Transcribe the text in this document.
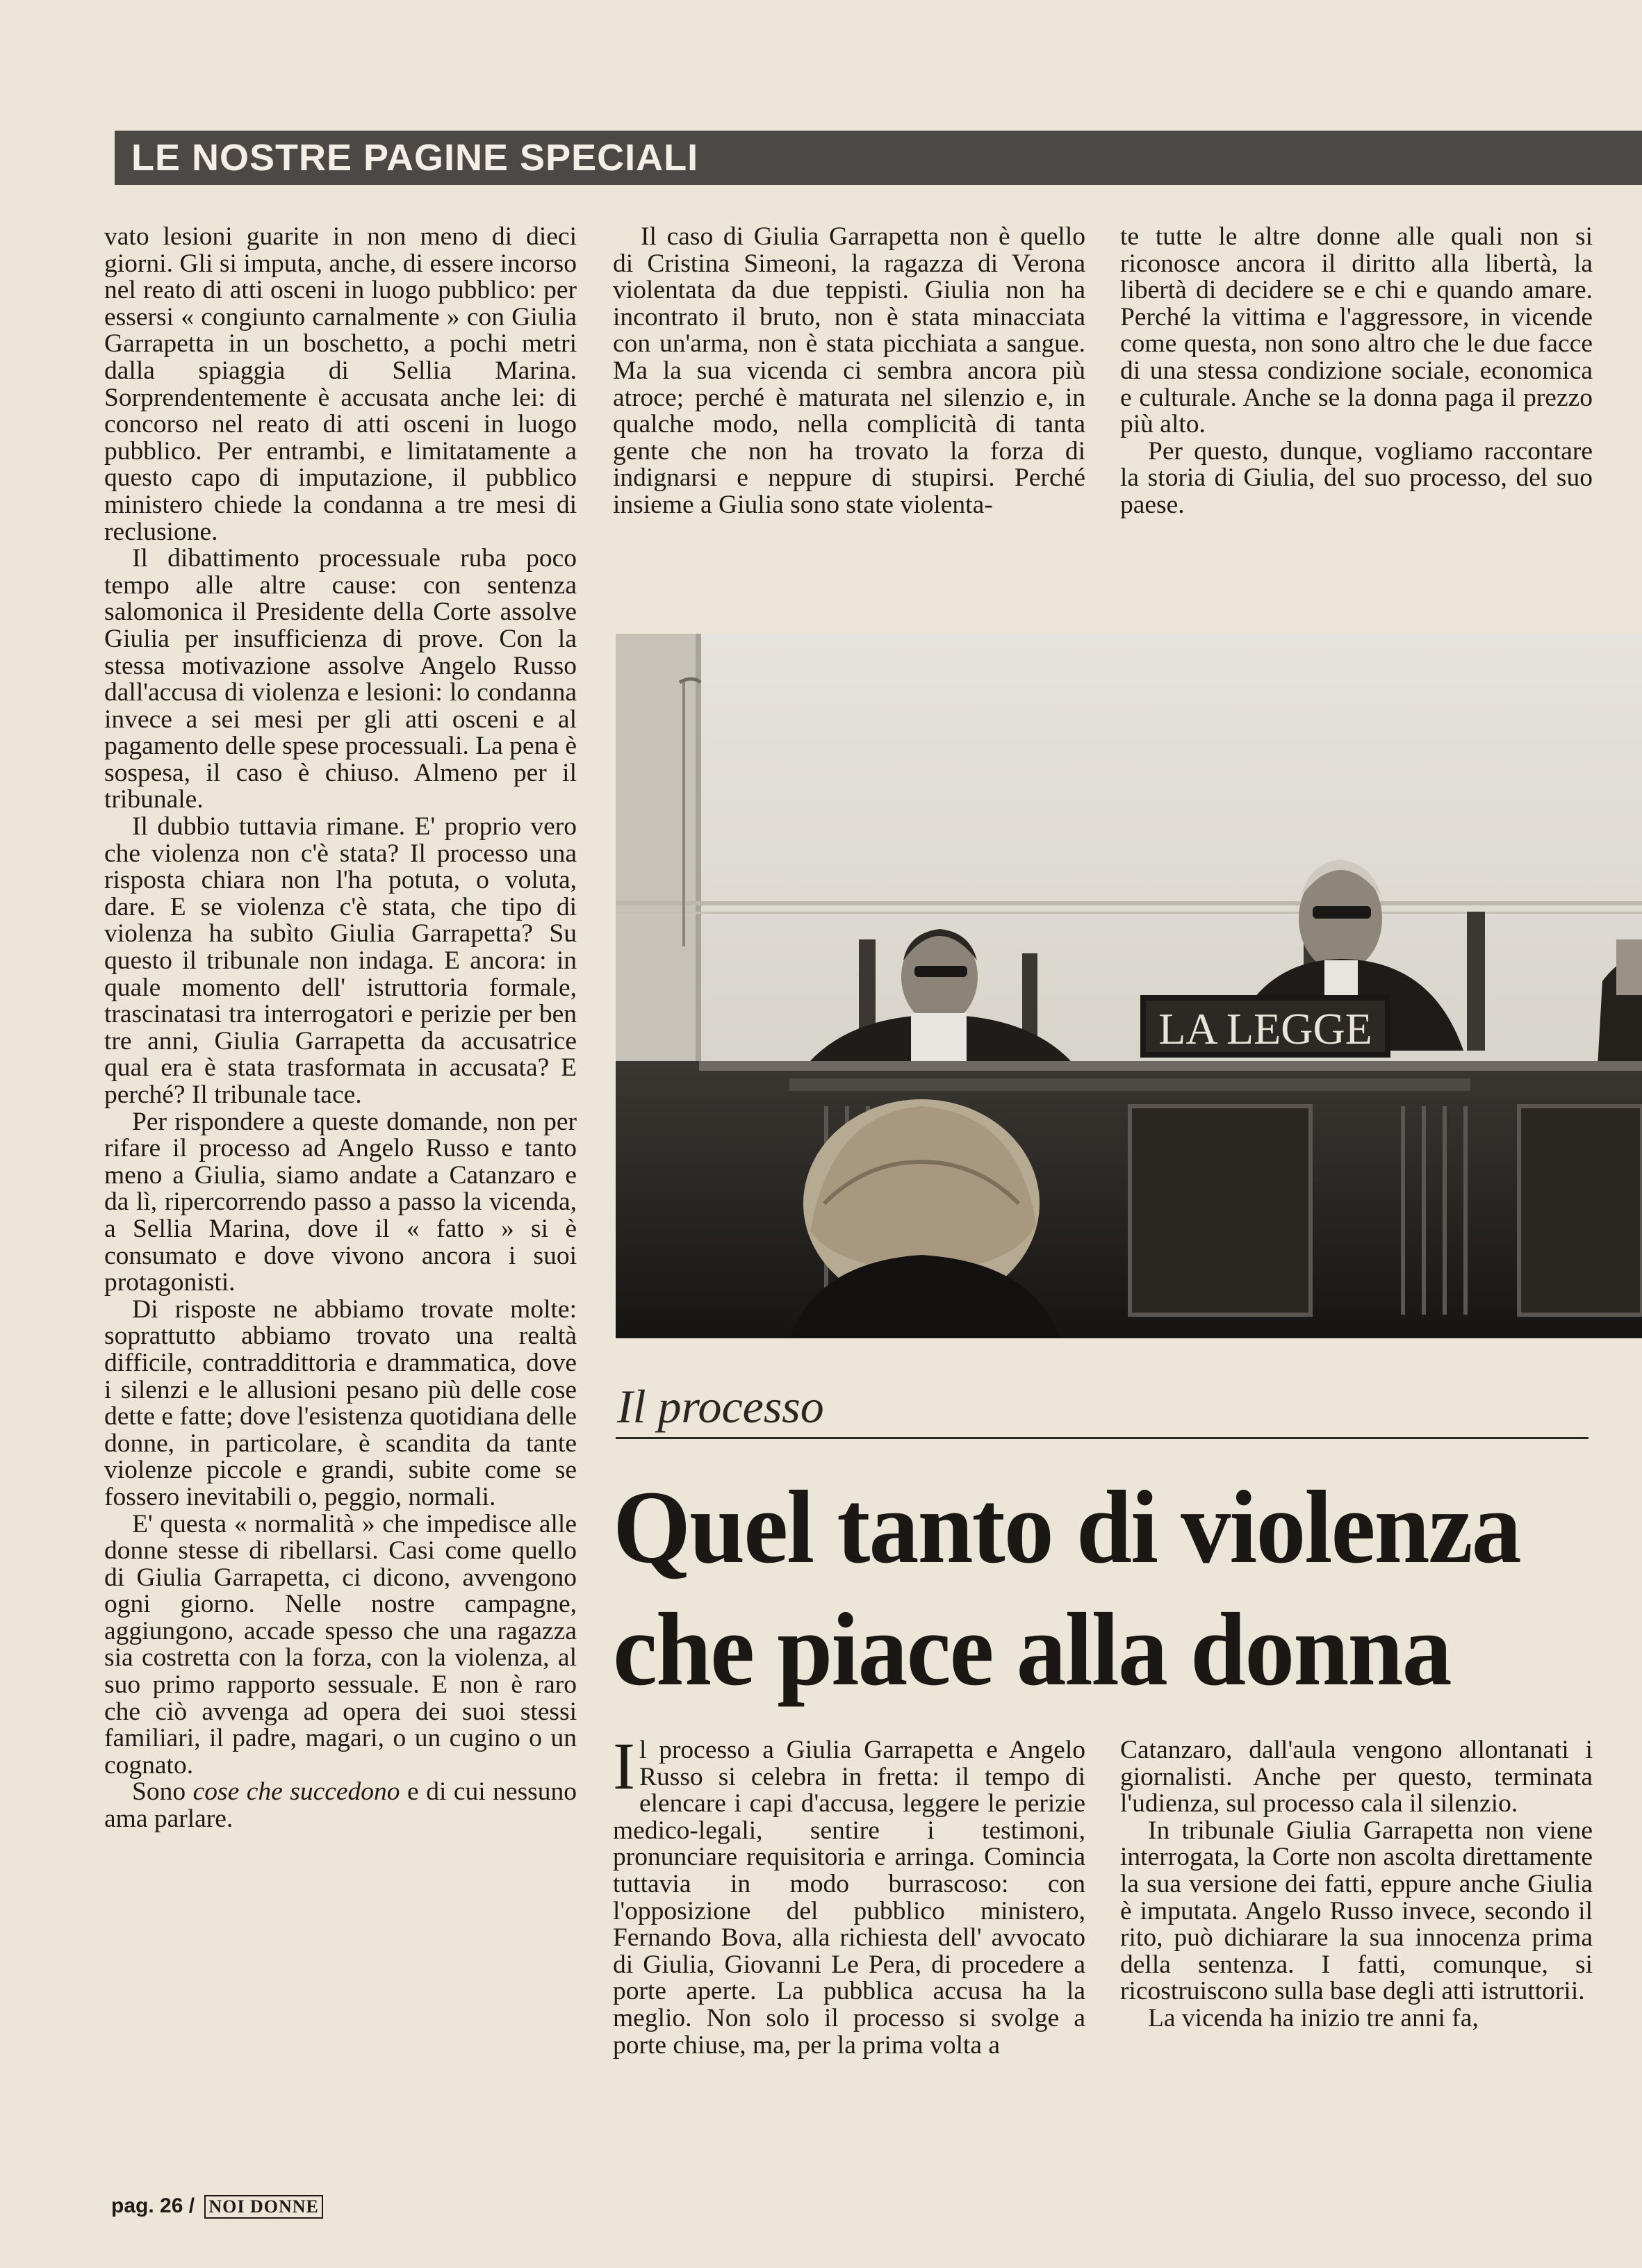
LE NOSTRE PAGINE SPECIALI

vato lesioni guarite in non meno di dieci giorni. Gli si imputa, anche, di essere incorso nel reato di atti osceni in luogo pubblico: per essersi « congiunto carnalmente » con Giulia Garrapetta in un boschetto, a pochi metri dalla spiaggia di Sellia Marina. Sorprendentemente è accusata anche lei: di concorso nel reato di atti osceni in luogo pubblico. Per entrambi, e limitatamente a questo capo di imputazione, il pubblico ministero chiede la condanna a tre mesi di reclusione.

Il dibattimento processuale ruba poco tempo alle altre cause: con sentenza salomonica il Presidente della Corte assolve Giulia per insufficienza di prove. Con la stessa motivazione assolve Angelo Russo dall'accusa di violenza e lesioni: lo condanna invece a sei mesi per gli atti osceni e al pagamento delle spese processuali. La pena è sospesa, il caso è chiuso. Almeno per il tribunale.

Il dubbio tuttavia rimane. E' proprio vero che violenza non c'è stata? Il processo una risposta chiara non l'ha potuta, o voluta, dare. E se violenza c'è stata, che tipo di violenza ha subìto Giulia Garrapetta? Su questo il tribunale non indaga. E ancora: in quale momento dell' istruttoria formale, trascinatasi tra interrogatori e perizie per ben tre anni, Giulia Garrapetta da accusatrice qual era è stata trasformata in accusata? E perché? Il tribunale tace.

Per rispondere a queste domande, non per rifare il processo ad Angelo Russo e tanto meno a Giulia, siamo andate a Catanzaro e da lì, ripercorrendo passo a passo la vicenda, a Sellia Marina, dove il « fatto » si è consumato e dove vivono ancora i suoi protagonisti.

Di risposte ne abbiamo trovate molte: soprattutto abbiamo trovato una realtà difficile, contraddittoria e drammatica, dove i silenzi e le allusioni pesano più delle cose dette e fatte; dove l'esistenza quotidiana delle donne, in particolare, è scandita da tante violenze piccole e grandi, subite come se fossero inevitabili o, peggio, normali.

E' questa « normalità » che impedisce alle donne stesse di ribellarsi. Casi come quello di Giulia Garrapetta, ci dicono, avvengono ogni giorno. Nelle nostre campagne, aggiungono, accade spesso che una ragazza sia costretta con la forza, con la violenza, al suo primo rapporto sessuale. E non è raro che ciò avvenga ad opera dei suoi stessi familiari, il padre, magari, o un cugino o un cognato.

Sono cose che succedono e di cui nessuno ama parlare.

Il caso di Giulia Garrapetta non è quello di Cristina Simeoni, la ragazza di Verona violentata da due teppisti. Giulia non ha incontrato il bruto, non è stata minacciata con un'arma, non è stata picchiata a sangue. Ma la sua vicenda ci sembra ancora più atroce; perché è maturata nel silenzio e, in qualche modo, nella complicità di tanta gente che non ha trovato la forza di indignarsi e neppure di stupirsi. Perché insieme a Giulia sono state violenta-

te tutte le altre donne alle quali non si riconosce ancora il diritto alla libertà, la libertà di decidere se e chi e quando amare. Perché la vittima e l'aggressore, in vicende come questa, non sono altro che le due facce di una stessa condizione sociale, economica e culturale. Anche se la donna paga il prezzo più alto.

Per questo, dunque, vogliamo raccontare la storia di Giulia, del suo processo, del suo paese.

LA LEGGE
Il processo
Quel tanto di violenza
che piace alla donna

Il processo a Giulia Garrapetta e Angelo Russo si celebra in fretta: il tempo di elencare i capi d'accusa, leggere le perizie medico-legali, sentire i testimoni, pronunciare requisitoria e arringa. Comincia tuttavia in modo burrascoso: con l'opposizione del pubblico ministero, Fernando Bova, alla richiesta dell' avvocato di Giulia, Giovanni Le Pera, di procedere a porte aperte. La pubblica accusa ha la meglio. Non solo il processo si svolge a porte chiuse, ma, per la prima volta a

Catanzaro, dall'aula vengono allontanati i giornalisti. Anche per questo, terminata l'udienza, sul processo cala il silenzio.

In tribunale Giulia Garrapetta non viene interrogata, la Corte non ascolta direttamente la sua versione dei fatti, eppure anche Giulia è imputata. Angelo Russo invece, secondo il rito, può dichiarare la sua innocenza prima della sentenza. I fatti, comunque, si ricostruiscono sulla base degli atti istruttorii.

La vicenda ha inizio tre anni fa,

pag. 26 / NOI DONNE
